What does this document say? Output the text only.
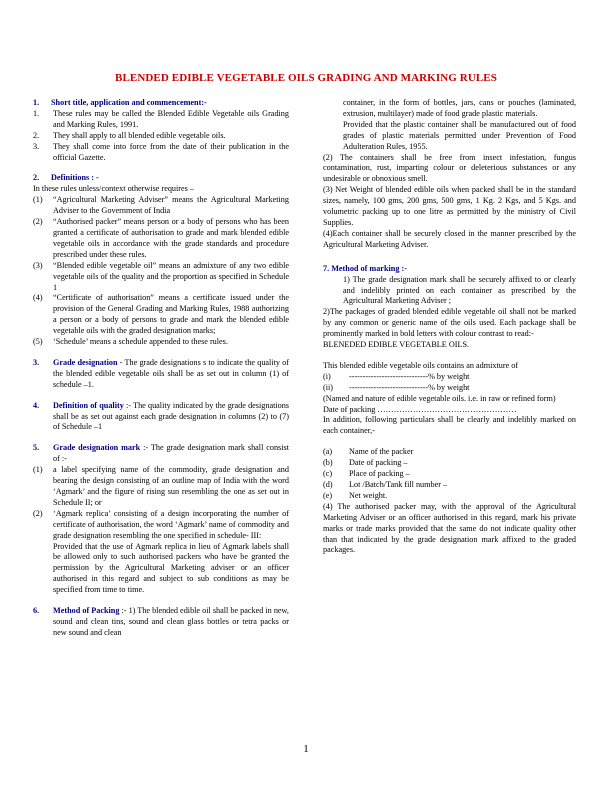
BLENDED EDIBLE VEGETABLE OILS GRADING AND MARKING RULES
1. Short title, application and commencement:-
1.	These rules may be called the Blended Edible Vegetable oils Grading and Marking Rules, 1991.
2.	They shall apply to all blended edible vegetable oils.
3.	They shall come into force from the date of their publication in the official Gazette.
2. Definitions : -
In these rules unless/context otherwise requires –
(1)	“Agricultural Marketing Adviser” means the Agricultural Marketing Adviser to the Government of India
(2)	“Authorised packer” means person or a body of persons who has been granted a certificate of authorisation to grade and mark blended edible vegetable oils in accordance with the grade standards and procedure prescribed under these rules.
(3)	“Blended edible vegetable oil” means an admixture of any two edible vegetable oils of the quality and the proportion as specified in Schedule 1
(4)	“Certificate of authorisation” means a certificate issued under the provision of the General Grading and Marking Rules, 1988 authorizing a person or a body of persons to grade and mark the blended edible vegetable oils with the graded designation marks;
(5)	‘Schedule’ means a schedule appended to these rules.
3.	Grade designation - The grade designations s to indicate the quality of the blended edible vegetable oils shall be as set out in column (1) of schedule –1.
4.	Definition of quality :- The quality indicated by the grade designations shall be as set out against each grade designation in columns (2) to (7) of Schedule –1
5.	Grade designation mark :- The grade designation mark shall consist of :-
(1)	a label specifying name of the commodity, grade designation and bearing the design consisting of an outline map of India with the word ‘Agmark’ and the figure of rising sun resembling the one as set out in Schedule II; or
(2)	‘Agmark replica’ consisting of a design incorporating the number of certificate of authorisation, the word ‘Agmark’ name of commodity and grade designation resembling the one specified in schedule- III:
Provided that the use of Agmark replica in lieu of Agmark labels shall be allowed only to such authorised packers who have be granted the permission by the Agricultural Marketing adviser or an officer authorised in this regard and subject to sub conditions as may be specified from time to time.
6.	Method of Packing :- 1) The blended edible oil shall be packed in new, sound and clean tins, sound and clean glass bottles or tetra packs or new sound and clean
container, in the form of bottles, jars, cans or pouches (laminated, extrusion, multilayer) made of food grade plastic materials.
Provided that the plastic container shall be manufactured out of food grades of plastic materials permitted under Prevention of Food Adulteration Rules, 1955.
(2) The containers shall be free from insect infestation, fungus contamination, rust, imparting colour or deleterious substances or any undesirable or obnoxious smell.
(3) Net Weight of blended edible oils when packed shall be in the standard sizes, namely, 100 gms, 200 gms, 500 gms, 1 Kg. 2 Kgs, and 5 Kgs. and volumetric packing up to one litre as permitted by the ministry of Civil Supplies.
(4)Each container shall be securely closed in the manner prescribed by the Agricultural Marketing Adviser.
7. Method of marking :-
1) The grade designation mark shall be securely affixed to or clearly and indelibly printed on each container as prescribed by the Agricultural Marketing Adviser ;
2)The packages of graded blended edible vegetable oil shall not be marked by any common or generic name of the oils used. Each package shall be prominently marked in bold letters with colour contrast to read:-
BLENEDED EDIBLE VEGETABLE OILS.
This blended edible vegetable oils contains an admixture of
(i)	-----------------------------% by weight
(ii)	-----------------------------% by weight
(Named and nature of edible vegetable oils. i.e. in raw or refined form)
Date of packing ……………………………………………
In addition, following particulars shall be clearly and indelibly marked on each container,-
(a)	Name of the packer
(b)	Date of packing –
(c)	Place of packing –
(d)	Lot /Batch/Tank fill number –
(e)	Net weight.
(4) The authorised packer may, with the approval of the Agricultural Marketing Adviser or an officer authorised in this regard, mark his private marks or trade marks provided that the same do not indicate quality other than that indicated by the grade designation mark affixed to the graded packages.
1
